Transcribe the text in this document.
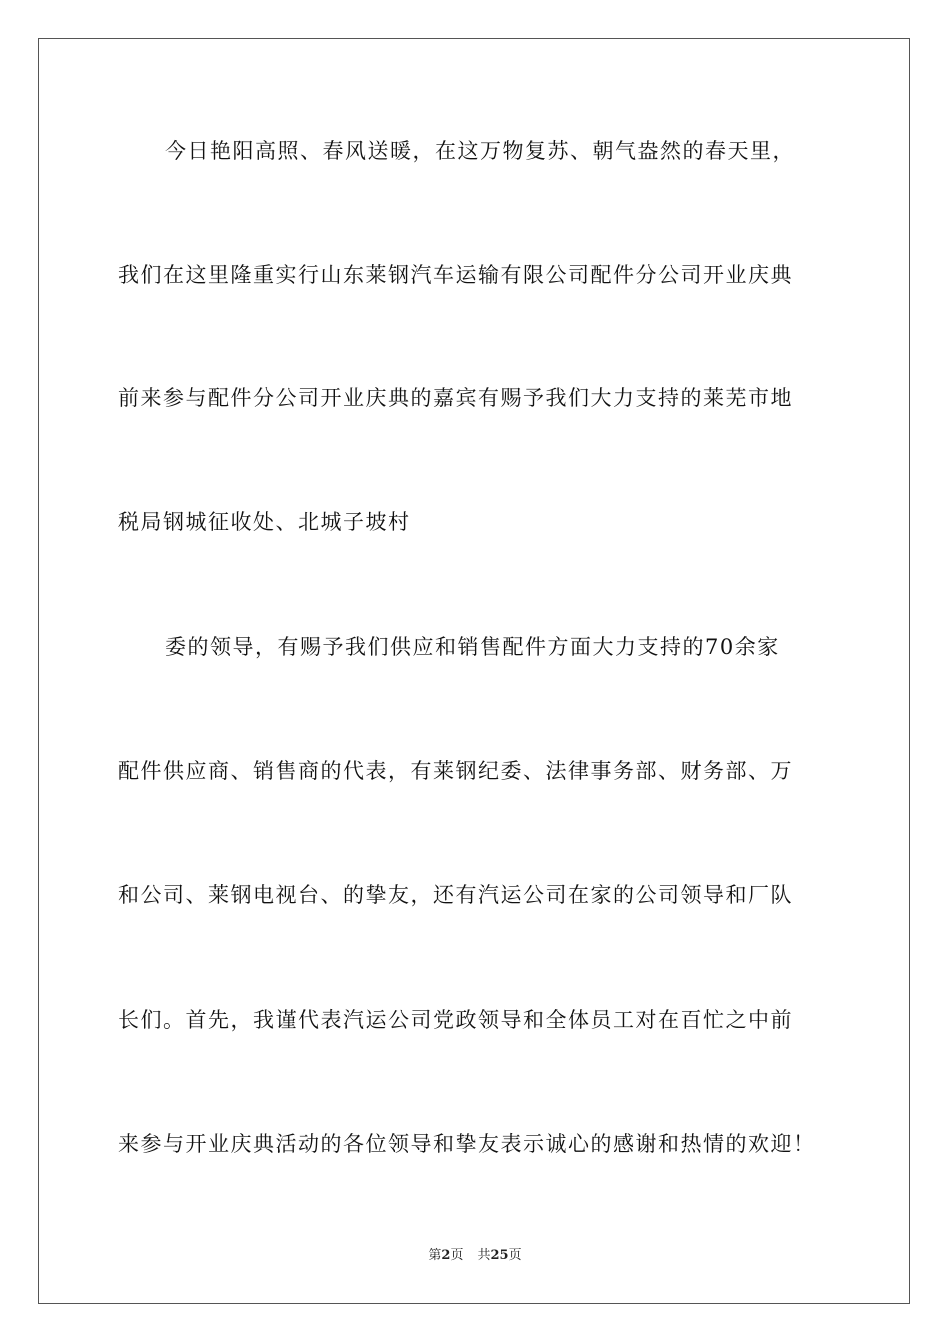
今日艳阳高照、春风送暖，在这万物复苏、朝气盎然的春天里，
我们在这里隆重实行山东莱钢汽车运输有限公司配件分公司开业庆典
前来参与配件分公司开业庆典的嘉宾有赐予我们大力支持的莱芜市地
税局钢城征收处、北城子坡村
委的领导，有赐予我们供应和销售配件方面大力支持的70余家
配件供应商、销售商的代表，有莱钢纪委、法律事务部、财务部、万
和公司、莱钢电视台、的挚友，还有汽运公司在家的公司领导和厂队
长们。首先，我谨代表汽运公司党政领导和全体员工对在百忙之中前
来参与开业庆典活动的各位领导和挚友表示诚心的感谢和热情的欢迎！
第2页 共25页
